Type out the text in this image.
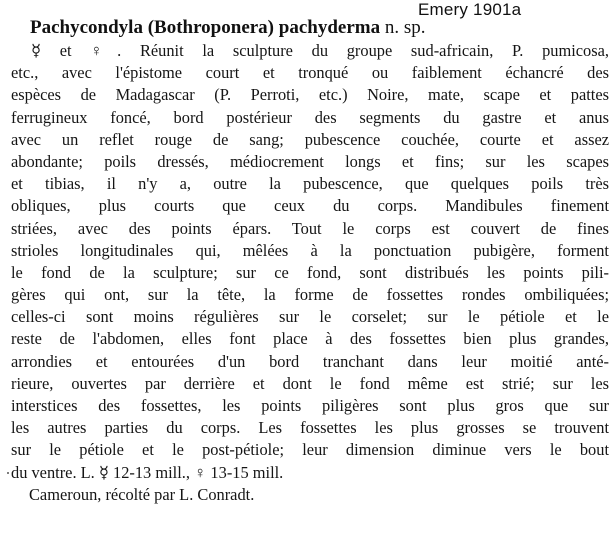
Emery 1901a
Pachycondyla (Bothroponera) pachyderma n. sp.
☿ et ♀. Réunit la sculpture du groupe sud-africain, P. pumicosa,
etc., avec l'épistome court et tronqué ou faiblement échancré des
espèces de Madagascar (P. Perroti, etc.) Noire, mate, scape et pattes
ferrugineux foncé, bord postérieur des segments du gastre et anus
avec un reflet rouge de sang; pubescence couchée, courte et assez
abondante; poils dressés, médiocrement longs et fins; sur les scapes
et tibias, il n'y a, outre la pubescence, que quelques poils très
obliques, plus courts que ceux du corps. Mandibules finement
striées, avec des points épars. Tout le corps est couvert de fines
strioles longitudinales qui, mêlées à la ponctuation pubigère, forment
le fond de la sculpture; sur ce fond, sont distribués les points pili-
gères qui ont, sur la tête, la forme de fossettes rondes ombiliquées;
celles-ci sont moins régulières sur le corselet; sur le pétiole et le
reste de l'abdomen, elles font place à des fossettes bien plus grandes,
arrondies et entourées d'un bord tranchant dans leur moitié anté-
rieure, ouvertes par derrière et dont le fond même est strié; sur les
interstices des fossettes, les points piligères sont plus gros que sur
les autres parties du corps. Les fossettes les plus grosses se trouvent
sur le pétiole et le post-pétiole; leur dimension diminue vers le bout
du ventre. L. ☿ 12-13 mill., ♀ 13-15 mill.
Cameroun, récolté par L. Conradt.
